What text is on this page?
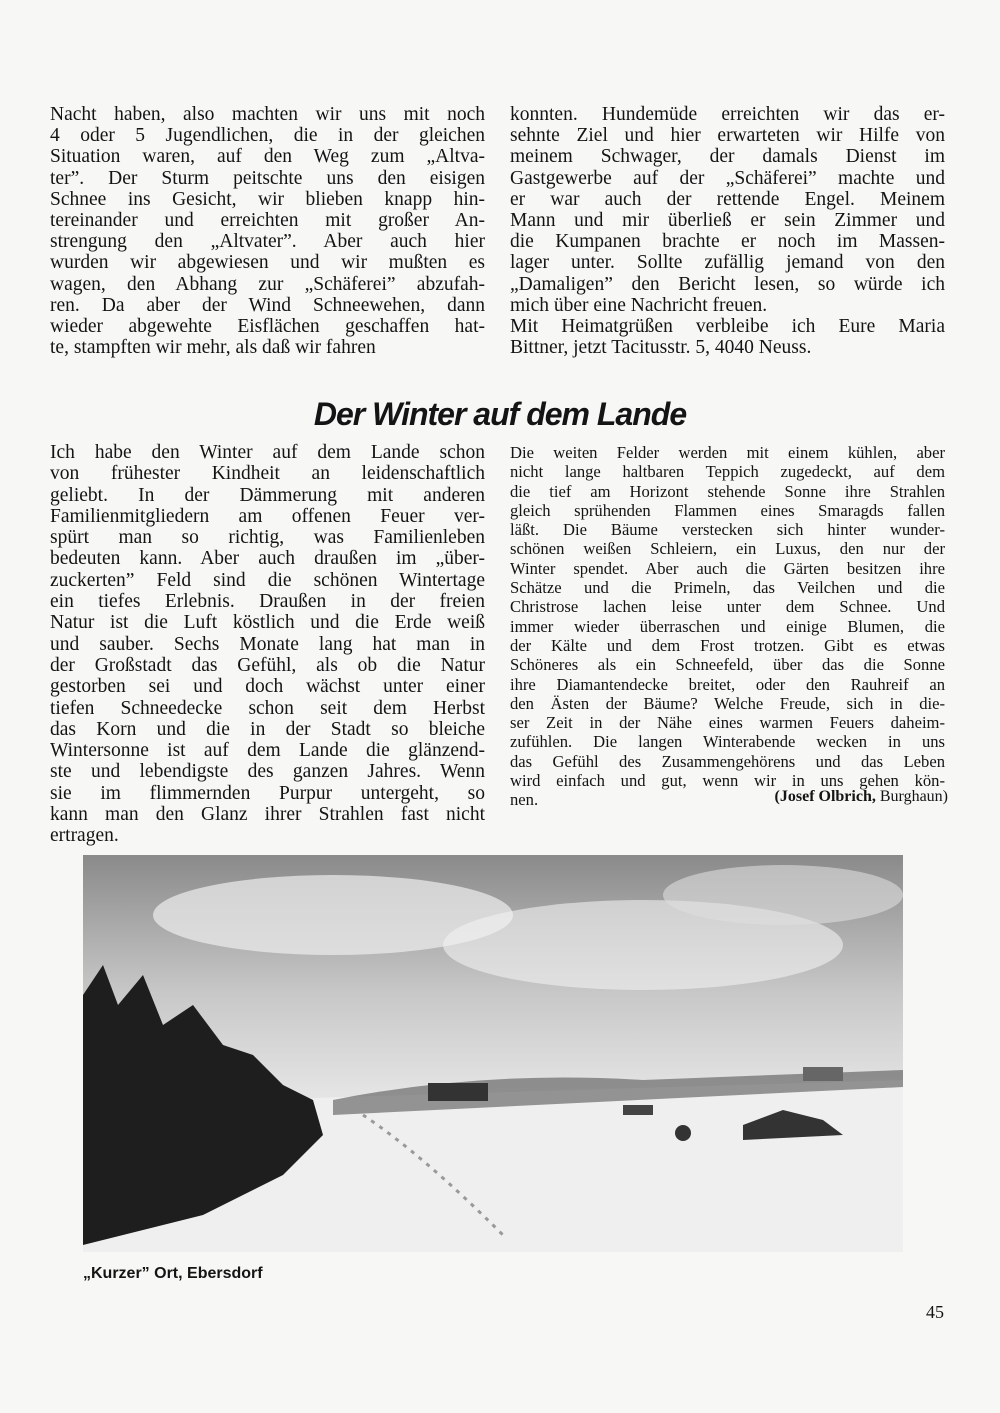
Nacht haben, also machten wir uns mit noch
4 oder 5 Jugendlichen, die in der gleichen
Situation waren, auf den Weg zum „Altva-
ter”. Der Sturm peitschte uns den eisigen
Schnee ins Gesicht, wir blieben knapp hin-
tereinander und erreichten mit großer An-
strengung den „Altvater”. Aber auch hier
wurden wir abgewiesen und wir mußten es
wagen, den Abhang zur „Schäferei” abzufah-
ren. Da aber der Wind Schneewehen, dann
wieder abgewehte Eisflächen geschaffen hat-
te, stampften wir mehr, als daß wir fahren
konnten. Hundemüde erreichten wir das er-
sehnte Ziel und hier erwarteten wir Hilfe von
meinem Schwager, der damals Dienst im
Gastgewerbe auf der „Schäferei” machte und
er war auch der rettende Engel. Meinem
Mann und mir überließ er sein Zimmer und
die Kumpanen brachte er noch im Massen-
lager unter. Sollte zufällig jemand von den
„Damaligen” den Bericht lesen, so würde ich
mich über eine Nachricht freuen.
Mit Heimatgrüßen verbleibe ich Eure Maria
Bittner, jetzt Tacitusstr. 5, 4040 Neuss.
Der Winter auf dem Lande
Ich habe den Winter auf dem Lande schon
von frühester Kindheit an leidenschaftlich
geliebt. In der Dämmerung mit anderen
Familienmitgliedern am offenen Feuer ver-
spürt man so richtig, was Familienleben
bedeuten kann. Aber auch draußen im „über-
zuckerten” Feld sind die schönen Wintertage
ein tiefes Erlebnis. Draußen in der freien
Natur ist die Luft köstlich und die Erde weiß
und sauber. Sechs Monate lang hat man in
der Großstadt das Gefühl, als ob die Natur
gestorben sei und doch wächst unter einer
tiefen Schneedecke schon seit dem Herbst
das Korn und die in der Stadt so bleiche
Wintersonne ist auf dem Lande die glänzend-
ste und lebendigste des ganzen Jahres. Wenn
sie im flimmernden Purpur untergeht, so
kann man den Glanz ihrer Strahlen fast nicht
ertragen.
Die weiten Felder werden mit einem kühlen, aber
nicht lange haltbaren Teppich zugedeckt, auf dem
die tief am Horizont stehende Sonne ihre Strahlen
gleich sprühenden Flammen eines Smaragds fallen
läßt. Die Bäume verstecken sich hinter wunder-
schönen weißen Schleiern, ein Luxus, den nur der
Winter spendet. Aber auch die Gärten besitzen ihre
Schätze und die Primeln, das Veilchen und die
Christrose lachen leise unter dem Schnee. Und
immer wieder überraschen und einige Blumen, die
der Kälte und dem Frost trotzen. Gibt es etwas
Schöneres als ein Schneefeld, über das die Sonne
ihre Diamantendecke breitet, oder den Rauhreif an
den Ästen der Bäume? Welche Freude, sich in die-
ser Zeit in der Nähe eines warmen Feuers daheim-
zufühlen. Die langen Winterabende wecken in uns
das Gefühl des Zusammengehörens und das Leben
wird einfach und gut, wenn wir in uns gehen kön-
nen.	(Josef Olbrich, Burghaun)
„Kurzer” Ort, Ebersdorf
45
